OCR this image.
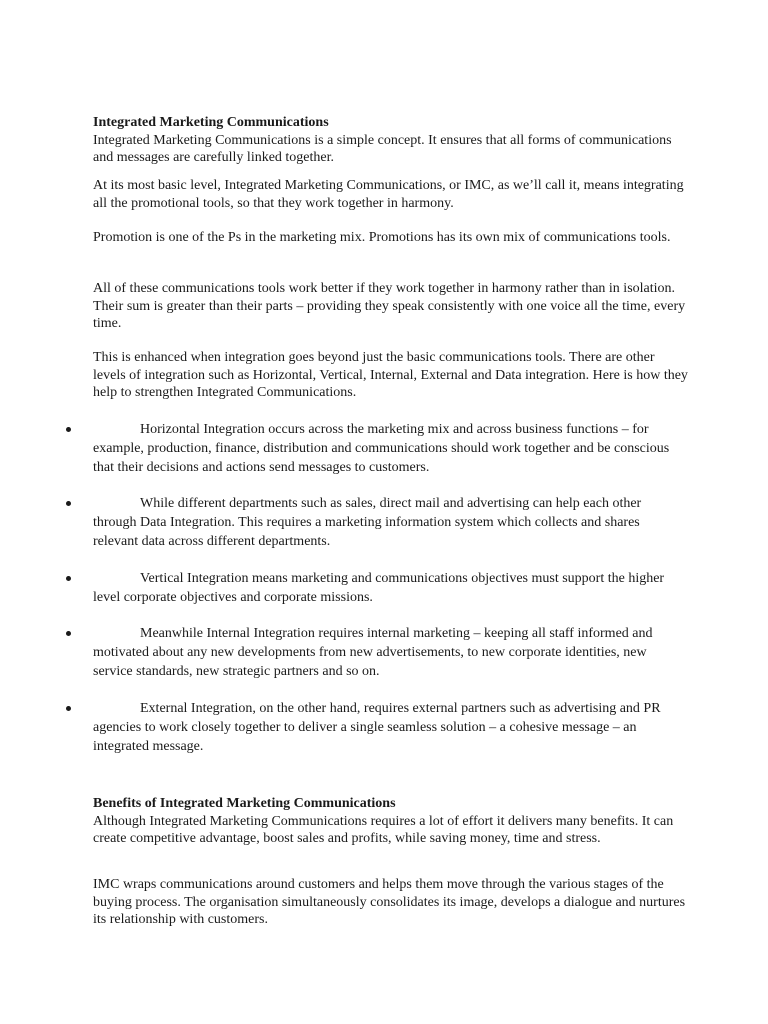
Integrated Marketing Communications
Integrated Marketing Communications is a simple concept. It ensures that all forms of communications and messages are carefully linked together.

At its most basic level, Integrated Marketing Communications, or IMC, as we’ll call it, means integrating all the promotional tools, so that they work together in harmony.

Promotion is one of the Ps in the marketing mix. Promotions has its own mix of communications tools.

All of these communications tools work better if they work together in harmony rather than in isolation. Their sum is greater than their parts – providing they speak consistently with one voice all the time, every time.

This is enhanced when integration goes beyond just the basic communications tools. There are other levels of integration such as Horizontal, Vertical, Internal, External and Data integration. Here is how they help to strengthen Integrated Communications.

Horizontal Integration occurs across the marketing mix and across business functions – for example, production, finance, distribution and communications should work together and be conscious that their decisions and actions send messages to customers.

While different departments such as sales, direct mail and advertising can help each other through Data Integration. This requires a marketing information system which collects and shares relevant data across different departments.

Vertical Integration means marketing and communications objectives must support the higher level corporate objectives and corporate missions.

Meanwhile Internal Integration requires internal marketing – keeping all staff informed and motivated about any new developments from new advertisements, to new corporate identities, new service standards, new strategic partners and so on.

External Integration, on the other hand, requires external partners such as advertising and PR agencies to work closely together to deliver a single seamless solution – a cohesive message – an integrated message.

Benefits of Integrated Marketing Communications
Although Integrated Marketing Communications requires a lot of effort it delivers many benefits. It can create competitive advantage, boost sales and profits, while saving money, time and stress.

IMC wraps communications around customers and helps them move through the various stages of the buying process. The organisation simultaneously consolidates its image, develops a dialogue and nurtures its relationship with customers.
